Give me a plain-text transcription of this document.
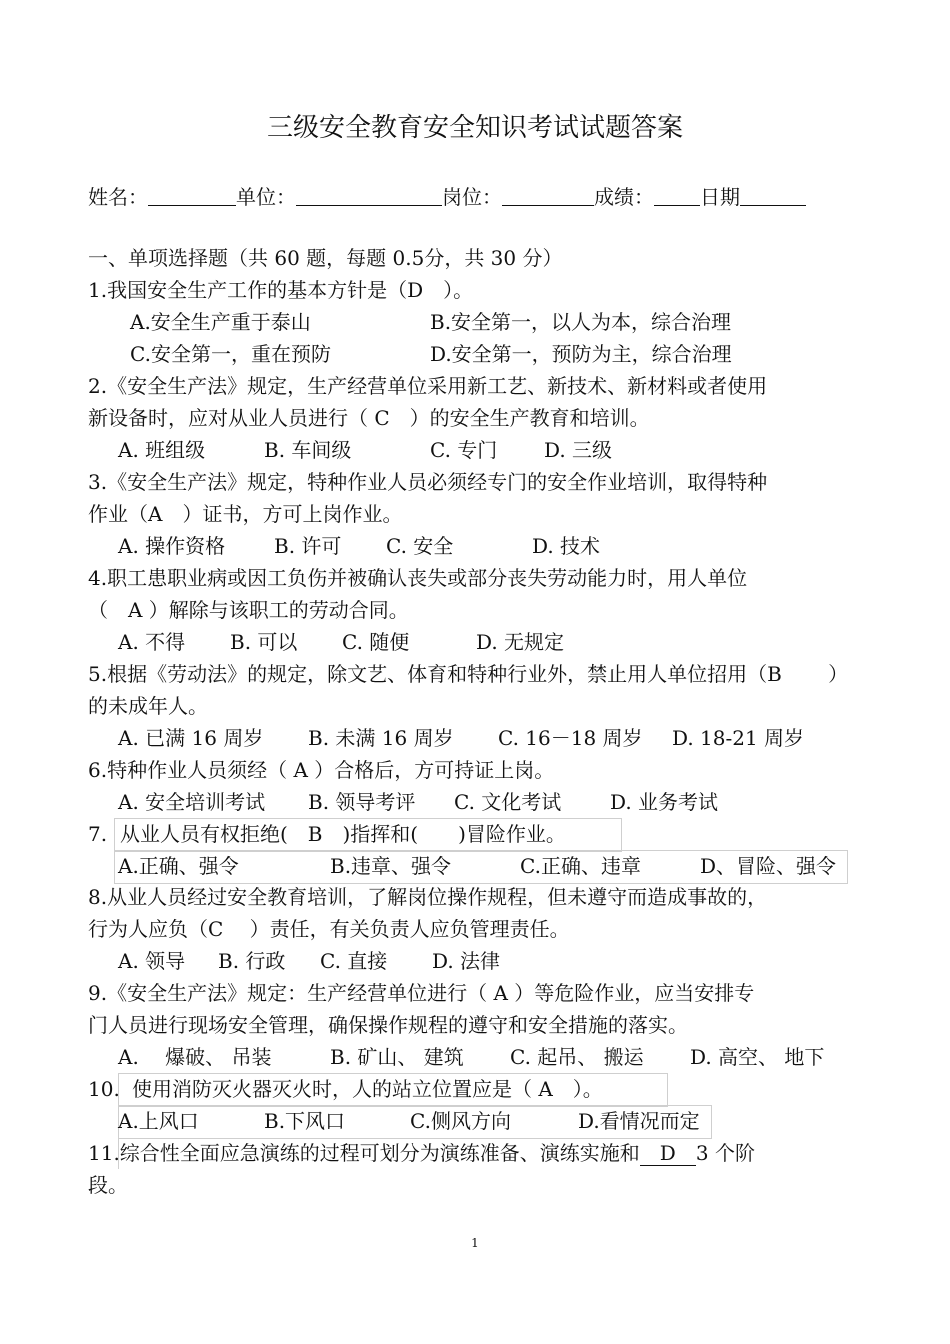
三级安全教育安全知识考试试题答案
姓名：	单位：	岗位：	成绩： 日期
一、单项选择题（共 60 题，每题 0.5分，共 30 分）
1.我国安全生产工作的基本方针是（D　）。
A.安全生产重于泰山	B.安全第一，以人为本，综合治理
C.安全第一，重在预防	D.安全第一，预防为主，综合治理
2.《安全生产法》规定，生产经营单位采用新工艺、新技术、新材料或者使用
新设备时，应对从业人员进行（ C　）的安全生产教育和培训。
A. 班组级	B. 车间级	C. 专门 D. 三级
3.《安全生产法》规定，特种作业人员必须经专门的安全作业培训，取得特种
作业（A　）证书，方可上岗作业。
A. 操作资格 B. 许可 C. 安全	D. 技术
4.职工患职业病或因工负伤并被确认丧失或部分丧失劳动能力时，用人单位
（　A ）解除与该职工的劳动合同。
A. 不得 B. 可以 C. 随便	D. 无规定
5.根据《劳动法》的规定，除文艺、体育和特种行业外，禁止用人单位招用（B　　 ）
的未成年人。
A. 已满 16 周岁 B. 未满 16 周岁 C. 16－18 周岁 D. 18-21 周岁
6.特种作业人员须经（ A ）合格后，方可持证上岗。
A. 安全培训考试 B. 领导考评 C. 文化考试 D. 业务考试
7. 从业人员有权拒绝(　B　)指挥和(　　)冒险作业。
A.正确、强令	B.违章、强令	C.正确、违章	D、冒险、强令
8.从业人员经过安全教育培训，了解岗位操作规程，但未遵守而造成事故的，
行为人应负（C　 ）责任，有关负责人应负管理责任。
A. 领导 B. 行政 C. 直接 D. 法律
9.《安全生产法》规定：生产经营单位进行（ A ）等危险作业，应当安排专
门人员进行现场安全管理，确保操作规程的遵守和安全措施的落实。
A.　 爆破、 吊装	B. 矿山、 建筑 C. 起吊、 搬运 D. 高空、 地下
10. 使用消防灭火器灭火时，人的站立位置应是（ A　）。
A.上风口	B.下风口	C.侧风方向	D.看情况而定
11.综合性全面应急演练的过程可划分为演练准备、演练实施和　D　3 个阶
段。
1
